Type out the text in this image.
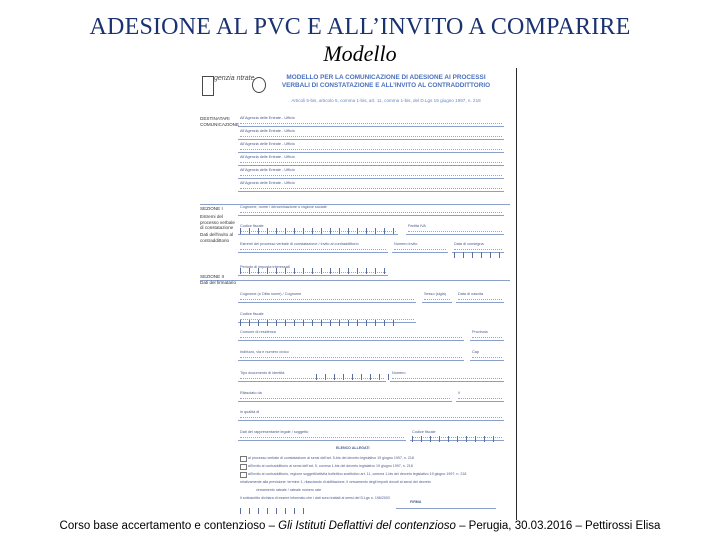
ADESIONE AL PVC E ALL’INVITO A COMPARIRE
Modello
genzia ntrate	MODELLO PER LA COMUNICAZIONE DI ADESIONE AI PROCESSI
VERBALI DI CONSTATAZIONE E ALL’INVITO AL CONTRADDITTORIO
Articoli 5-bis, articolo 5, comma 1-bis, art. 11, comma 1-bis, del D.Lgs 19 giugno 1997, n. 218
DESTINATARI COMUNICAZIONE
All'Agenzia delle Entrate - Ufficio
All'Agenzia delle Entrate - Ufficio
All'Agenzia delle Entrate - Ufficio
All'Agenzia delle Entrate - Ufficio
All'Agenzia delle Entrate - Ufficio
All'Agenzia delle Entrate - Ufficio
SEZIONE I
Estremi del processo verbale di constatazione
Dati dell'invito al contraddittorio
Cognome, nome / denominazione o ragione sociale
Codice fiscale	Partita IVA
Estremi del processo verbale di constatazione / invito al contraddittorio	Numero invito	Data di consegna
Periodo di imposta interessati
SEZIONE II
Dati del firmatario
Cognome (o Ditta nome) / Cognome	Sesso (sigla)	Data di nascita
Codice fiscale
Comune di residenza	Provincia
Indirizzo, via e numero civico	Cap
Tipo documento di identità	Numero
Rilasciato da	il
in qualità di
Dati del rappresentante legale / soggetto	Codice fiscale
ELENCO ALLEGATI
al processo verbale di constatazione ai sensi dell'art. 5-bis del decreto legislativo 19 giugno 1997, n. 218
all'invito al contraddittorio ai sensi dell'art. 5, comma 1-bis del decreto legislativo 19 giugno 1997, n. 218
all'invito al contraddittorio, regione soggetti/attività bollettino sostitutivo art. 11, comma 1-bis del decreto legislativo 19 giugno 1997, n. 218
relativamente alla previsione: termine 1, rilasciando di abilitazione, il versamento degli importi dovuti ai sensi del decreto
versamento rateale / rateale numero rate
Il sottoscritto dichiara di essere informato che i dati sono trattati ai sensi del D.Lgs n. 196/2003
FIRMA
Corso base accertamento e contenzioso – Gli Istituti Deflattivi del contenzioso – Perugia, 30.03.2016 – Pettirossi Elisa
